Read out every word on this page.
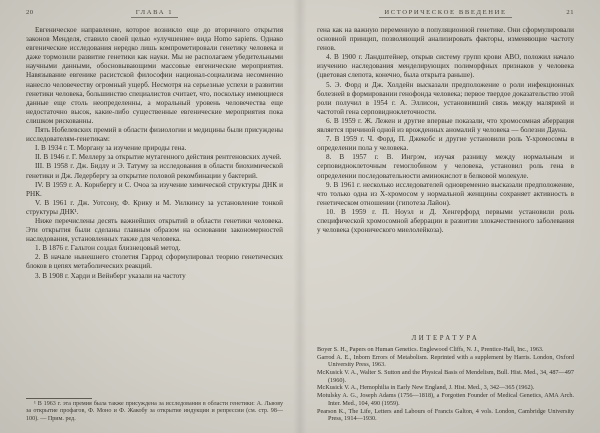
20	ГЛАВА 1

Евгеническое направление, которое возникло еще до вторичного открытия законов Менделя, ставило своей целью «улучшение» вида Homo sapiens. Однако евгенические исследования нередко лишь компрометировали генетику человека и даже тормозили развитие генетики как науки. Мы не располагаем убедительными научными данными, обосновывающими массовые евгенические мероприятия. Навязывание евгенике расистской философии национал-социализма несомненно нанесло человечеству огромный ущерб. Несмотря на серьезные успехи в развитии генетики человека, большинство специалистов считает, что, поскольку имеющиеся данные еще столь неопределенны, а моральный уровень человечества еще недостаточно высок, какие-либо существенные евгенические мероприятия пока слишком рискованны.

Пять Нобелевских премий в области физиологии и медицины были присуждены исследователям-генетикам:

I. В 1934 г. Т. Моргану за изучение природы гена.

II. В 1946 г. Г. Меллеру за открытие мутагенного действия рентгеновских лучей.

III. В 1958 г. Дж. Бидлу и Э. Татуму за исследования в области биохимической генетики и Дж. Ледербергу за открытие половой рекомбинации у бактерий.

IV. В 1959 г. А. Корнбергу и С. Очоа за изучение химической структуры ДНК и РНК.

V. В 1961 г. Дж. Уотсону, Ф. Крику и М. Уилкинсу за установление тонкой структуры ДНК¹.

Ниже перечислены десять важнейших открытий в области генетики человека. Эти открытия были сделаны главным образом на основании закономерностей наследования, установленных также для человека.

1. В 1876 г. Гальтон создал близнецовый метод.

2. В начале нынешнего столетия Гаррод сформулировал теорию генетических блоков в цепях метаболических реакций.

3. В 1908 г. Харди и Вейнберг указали на частоту

¹ В 1963 г. эта премия была также присуждена за исследования в области генетики: А. Львову за открытие профагов, Ф. Моно и Ф. Жакобу за открытие индукции и репрессии (см. стр. 98—100). — Прим. ред.

ИСТОРИЧЕСКОЕ ВВЕДЕНИЕ	21

гена как на важную переменную в популяционной генетике. Они сформулировали основной принцип, позволяющий анализировать факторы, изменяющие частоту генов.

4. В 1900 г. Ландштейнер, открыв систему групп крови АВО, положил начало изучению наследования менделирующих полиморфных признаков у человека (цветовая слепота, конечно, была открыта раньше).

5. Э. Форд и Дж. Холдейн высказали предположение о роли инфекционных болезней в формировании генофонда человека; первое твердое доказательство этой роли получил в 1954 г. А. Эллисон, установивший связь между малярией и частотой гена серповидноклеточности.

6. В 1959 г. Ж. Лежен и другие впервые показали, что хромосомная аберрация является причиной одной из врожденных аномалий у человека — болезни Дауна.

7. В 1959 г. Ч. Форд, П. Джекобс и другие установили роль Y-хромосомы в определении пола у человека.

8. В 1957 г. В. Ингрэм, изучая разницу между нормальным и серповидноклеточным гемоглобином у человека, установил роль гена в определении последовательности аминокислот в белковой молекуле.

9. В 1961 г. несколько исследователей одновременно высказали предположение, что только одна из Х-хромосом у нормальной женщины сохраняет активность в генетическом отношении (гипотеза Лайон).

10. В 1959 г. П. Ноуэл и Д. Хенгерфорд первыми установили роль специфической хромосомной аберрации в развитии злокачественного заболевания у человека (хронического миелолейкоза).

ЛИТЕРАТУРА

Boyer S. H., Papers on Human Genetics. Englewood Cliffs, N. J., Prentice-Hall, Inc., 1963.

Garrod A. E., Inborn Errors of Metabolism. Reprinted with a supplement by Harris. London, Oxford University Press, 1963.

McKusick V. A., Walter S. Sutton and the Physical Basis of Mendelism, Bull. Hist. Med., 34, 487—497 (1960).

McKusick V. A., Hemophilia in Early New England, J. Hist. Med., 3, 342—365 (1962).

Motulsky A. G., Joseph Adams (1756—1818), a Forgotten Founder of Medical Genetics, AMA Arch. Inter. Med., 104, 490 (1959).

Pearson K., The Life, Letters and Labours of Francis Galton, 4 vols. London, Cambridge University Press, 1914—1930.
